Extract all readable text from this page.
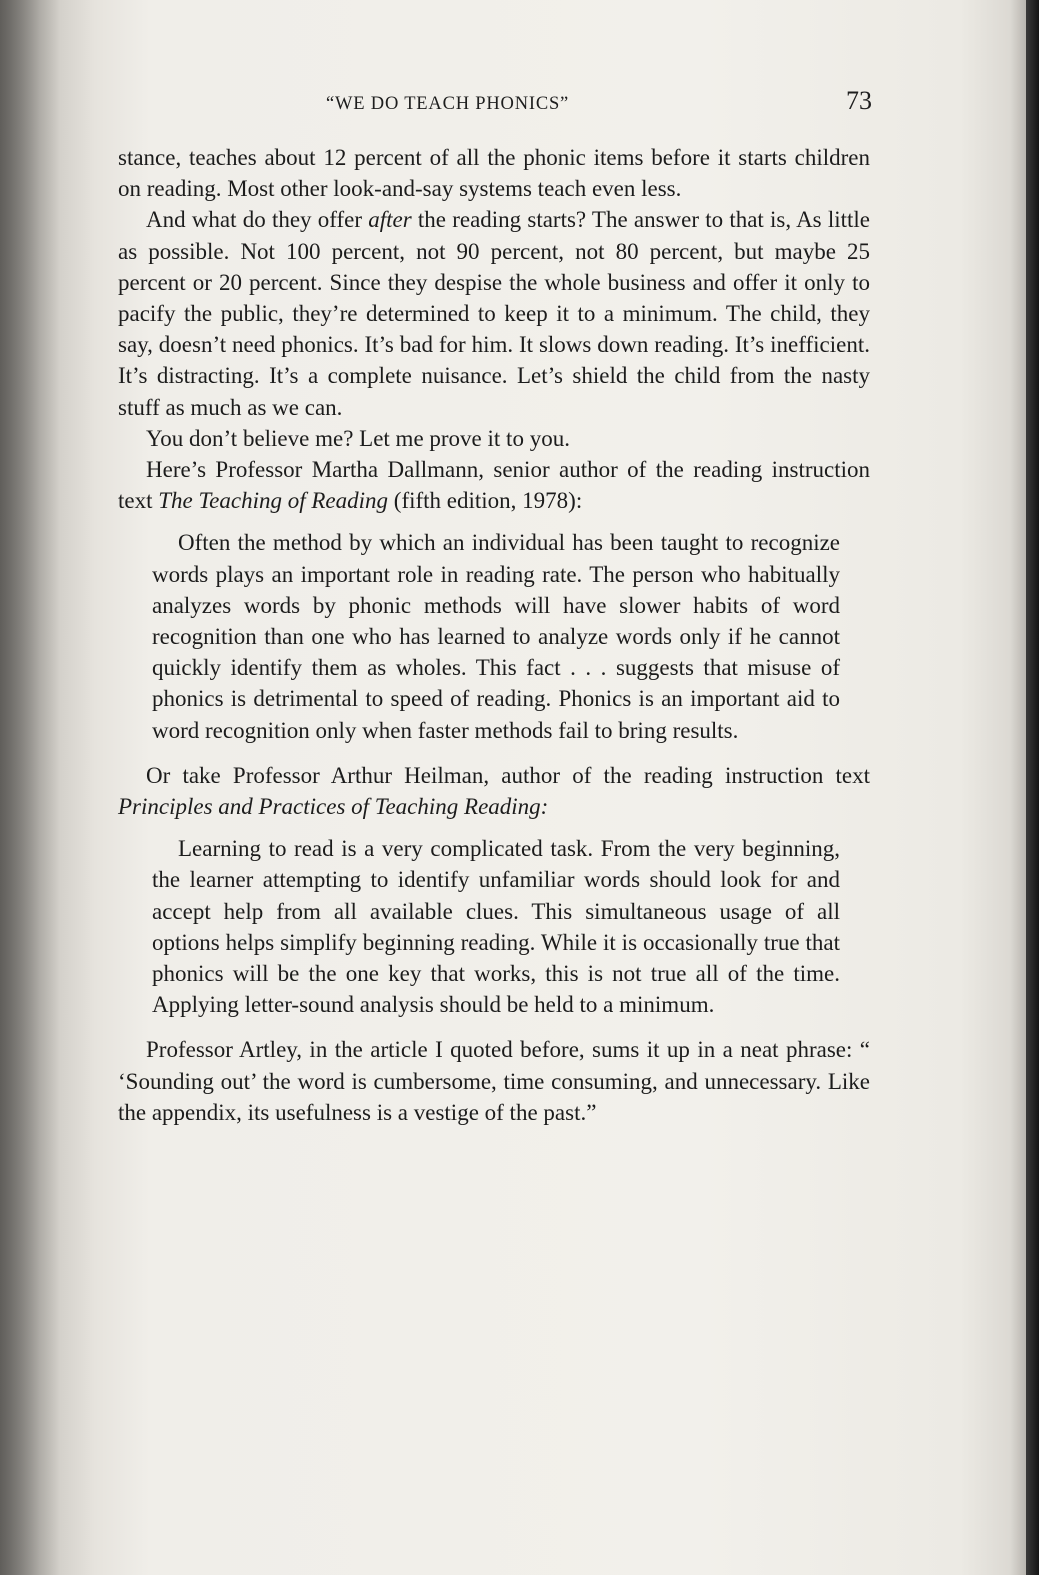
“WE DO TEACH PHONICS”	73

stance, teaches about 12 percent of all the phonic items before it starts children on reading. Most other look-and-say systems teach even less.

And what do they offer after the reading starts? The answer to that is, As little as possible. Not 100 percent, not 90 percent, not 80 percent, but maybe 25 percent or 20 percent. Since they despise the whole business and offer it only to pacify the public, they’re determined to keep it to a minimum. The child, they say, doesn’t need phonics. It’s bad for him. It slows down reading. It’s inefficient. It’s distracting. It’s a complete nuisance. Let’s shield the child from the nasty stuff as much as we can.

You don’t believe me? Let me prove it to you.

Here’s Professor Martha Dallmann, senior author of the reading instruction text The Teaching of Reading (fifth edition, 1978):

Often the method by which an individual has been taught to recognize words plays an important role in reading rate. The person who habitually analyzes words by phonic methods will have slower habits of word recognition than one who has learned to analyze words only if he cannot quickly identify them as wholes. This fact . . . suggests that misuse of phonics is detrimental to speed of reading. Phonics is an important aid to word recognition only when faster methods fail to bring results.

Or take Professor Arthur Heilman, author of the reading instruction text Principles and Practices of Teaching Reading:

Learning to read is a very complicated task. From the very beginning, the learner attempting to identify unfamiliar words should look for and accept help from all available clues. This simultaneous usage of all options helps simplify beginning reading. While it is occasionally true that phonics will be the one key that works, this is not true all of the time. Applying letter-sound analysis should be held to a minimum.

Professor Artley, in the article I quoted before, sums it up in a neat phrase: “ ‘Sounding out’ the word is cumbersome, time consuming, and unnecessary. Like the appendix, its usefulness is a vestige of the past.”
